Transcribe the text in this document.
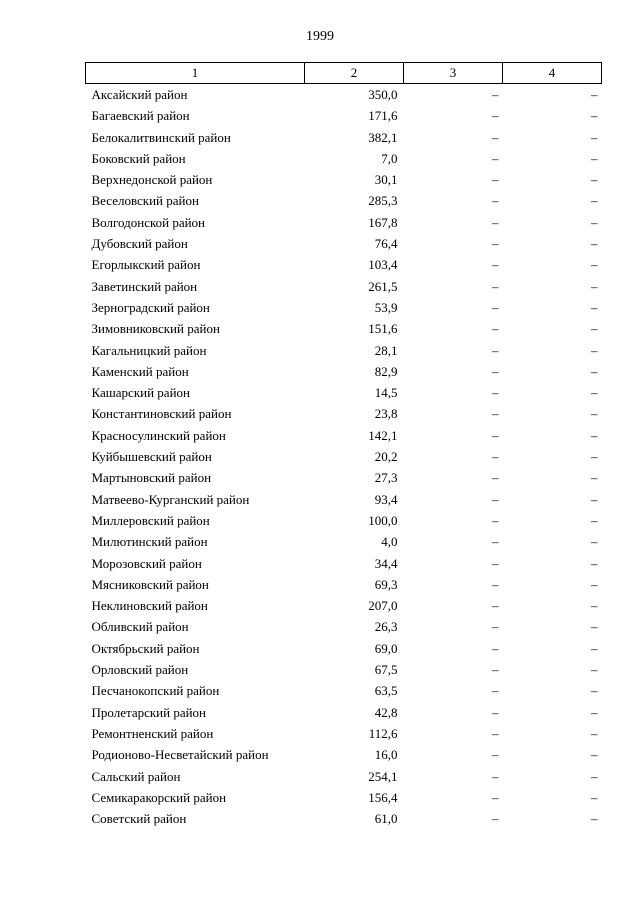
1999
1	2	3	4
Аксайский район	350,0	–	–
Багаевский район	171,6	–	–
Белокалитвинский район	382,1	–	–
Боковский район	7,0	–	–
Верхнедонской район	30,1	–	–
Веселовский район	285,3	–	–
Волгодонской район	167,8	–	–
Дубовский район	76,4	–	–
Егорлыкский район	103,4	–	–
Заветинский район	261,5	–	–
Зерноградский район	53,9	–	–
Зимовниковский район	151,6	–	–
Кагальницкий район	28,1	–	–
Каменский район	82,9	–	–
Кашарский район	14,5	–	–
Константиновский район	23,8	–	–
Красносулинский район	142,1	–	–
Куйбышевский район	20,2	–	–
Мартыновский район	27,3	–	–
Матвеево-Курганский район	93,4	–	–
Миллеровский район	100,0	–	–
Милютинский район	4,0	–	–
Морозовский район	34,4	–	–
Мясниковский район	69,3	–	–
Неклиновский район	207,0	–	–
Обливский район	26,3	–	–
Октябрьский район	69,0	–	–
Орловский район	67,5	–	–
Песчанокопский район	63,5	–	–
Пролетарский район	42,8	–	–
Ремонтненский район	112,6	–	–
Родионово-Несветайский район	16,0	–	–
Сальский район	254,1	–	–
Семикаракорский район	156,4	–	–
Советский район	61,0	–	–
